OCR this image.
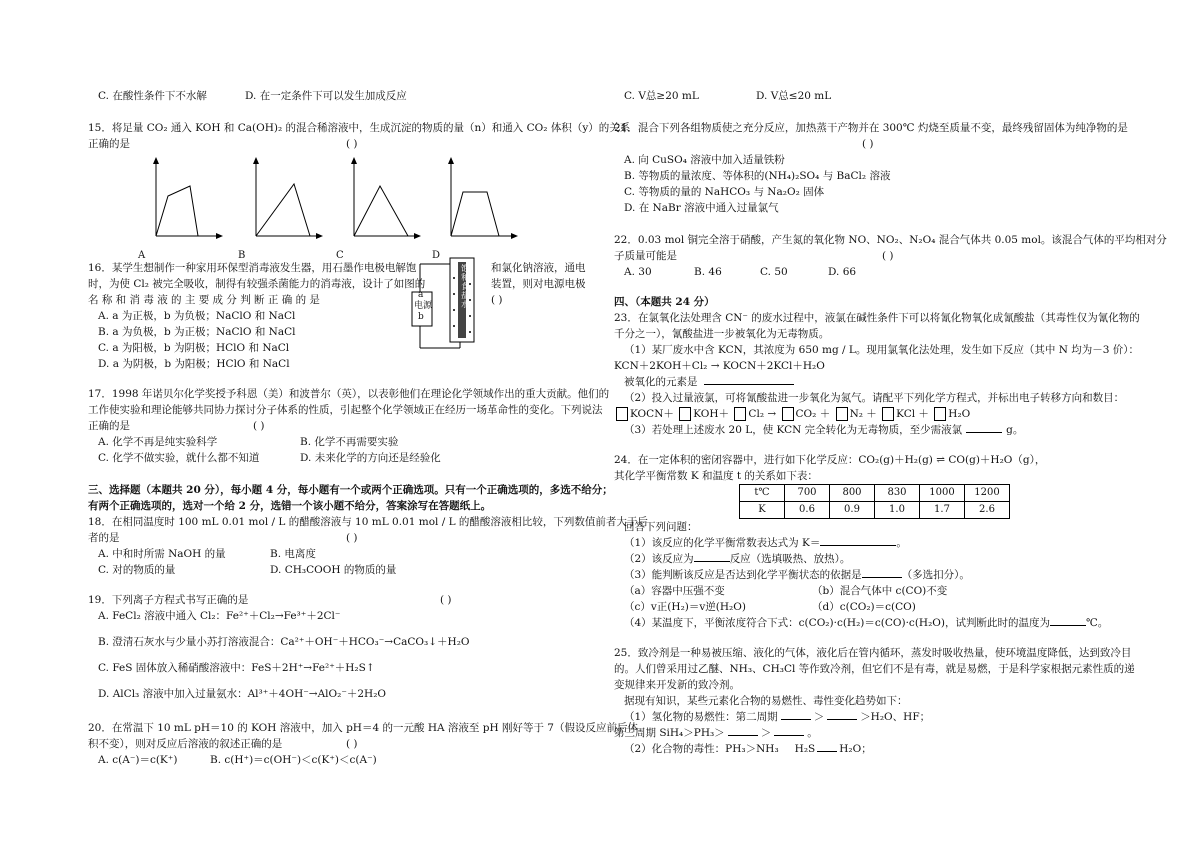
C. 在酸性条件下不水解	D. 在一定条件下可以发生加成反应
15．将足量 CO₂ 通入 KOH 和 Ca(OH)₂ 的混合稀溶液中，生成沉淀的物质的量（n）和通入 CO₂ 体积（y）的关系
正确的是	( )
A	B	C	D
16．某学生想制作一种家用环保型消毒液发生器，用石墨作电极电解饱	和氯化钠溶液，通电
时，为使 Cl₂ 被完全吸收，制得有较强杀菌能力的消毒液，设计了如图的	装置，则对电源电极
名 称 和 消 毒 液 的 主 要 成 分 判 断 正 确 的 是	( )
A. a 为正极，b 为负极；NaClO 和 NaCl
B. a 为负极，b 为正极；NaClO 和 NaCl
C. a 为阳极，b 为阴极；HClO 和 NaCl
D. a 为阴极，b 为阳极；HClO 和 NaCl
电源
a
b
饱和食盐水
17．1998 年诺贝尔化学奖授予科恩（美）和波普尔（英），以表彰他们在理论化学领域作出的重大贡献。他们的
工作使实验和理论能够共同协力探讨分子体系的性质，引起整个化学领域正在经历一场革命性的变化。下列说法
正确的是	( )
A. 化学不再是纯实验科学	B. 化学不再需要实验
C. 化学不做实验，就什么都不知道	D. 未来化学的方向还是经验化
三、选择题（本题共 20 分），每小题 4 分，每小题有一个或两个正确选项。只有一个正确选项的，多选不给分；
有两个正确选项的，选对一个给 2 分，选错一个该小题不给分，答案涂写在答题纸上。
18．在相同温度时 100 mL 0.01 mol / L 的醋酸溶液与 10 mL 0.01 mol / L 的醋酸溶液相比较，下列数值前者大于后
者的是	( )
A. 中和时所需 NaOH 的量	B. 电离度
C. 对的物质的量	D. CH₃COOH 的物质的量
19．下列离子方程式书写正确的是	( )
A. FeCl₂ 溶液中通入 Cl₂：Fe²⁺＋Cl₂→Fe³⁺＋2Cl⁻
B. 澄清石灰水与少量小苏打溶液混合：Ca²⁺＋OH⁻＋HCO₃⁻→CaCO₃↓＋H₂O
C. FeS 固体放入稀硝酸溶液中：FeS＋2H⁺→Fe²⁺＋H₂S↑
D. AlCl₃ 溶液中加入过量氨水：Al³⁺＋4OH⁻→AlO₂⁻＋2H₂O
20．在常温下 10 mL pH＝10 的 KOH 溶液中，加入 pH＝4 的一元酸 HA 溶液至 pH 刚好等于 7（假设反应前后体
积不变），则对反应后溶液的叙述正确的是	( )
A. c(A⁻)＝c(K⁺)	B. c(H⁺)＝c(OH⁻)＜c(K⁺)＜c(A⁻)
C. V总≥20 mL	D. V总≤20 mL
21．混合下列各组物质使之充分反应，加热蒸干产物并在 300℃ 灼烧至质量不变，最终残留固体为纯净物的是
( )
A. 向 CuSO₄ 溶液中加入适量铁粉
B. 等物质的量浓度、等体积的(NH₄)₂SO₄ 与 BaCl₂ 溶液
C. 等物质的量的 NaHCO₃ 与 Na₂O₂ 固体
D. 在 NaBr 溶液中通入过量氯气
22．0.03 mol 铜完全溶于硝酸，产生氮的氧化物 NO、NO₂、N₂O₄ 混合气体共 0.05 mol。该混合气体的平均相对分
子质量可能是	( )
A. 30	B. 46	C. 50	D. 66
四、（本题共 24 分）
23．在氯氧化法处理含 CN⁻ 的废水过程中，液氯在碱性条件下可以将氰化物氧化成氰酸盐（其毒性仅为氰化物的
千分之一），氰酸盐进一步被氧化为无毒物质。
（1）某厂废水中含 KCN，其浓度为 650 mg / L。现用氯氧化法处理，发生如下反应（其中 N 均为－3 价）：
KCN＋2KOH＋Cl₂ → KOCN＋2KCl＋H₂O
被氧化的元素是
（2）投入过量液氯，可将氰酸盐进一步氧化为氮气。请配平下列化学方程式，并标出电子转移方向和数目：
KOCN＋ KOH＋ Cl₂ → CO₂ ＋ N₂ ＋ KCl ＋ H₂O
（3）若处理上述废水 20 L，使 KCN 完全转化为无毒物质，至少需液氯	g。
24．在一定体积的密闭容器中，进行如下化学反应：CO₂(g)＋H₂(g) ⇌ CO(g)＋H₂O（g），
其化学平衡常数 K 和温度 t 的关系如下表：
t℃	700	800	830	1000	1200
K	0.6	0.9	1.0	1.7	2.6
回答下列问题：
（1）该反应的化学平衡常数表达式为 K＝	。
（2）该反应为	反应（选填吸热、放热）。
（3）能判断该反应是否达到化学平衡状态的依据是	（多选扣分）。
（a）容器中压强不变	（b）混合气体中 c(CO)不变
（c）v正(H₂)＝v逆(H₂O)	（d）c(CO₂)＝c(CO)
（4）某温度下，平衡浓度符合下式：c(CO₂)·c(H₂)＝c(CO)·c(H₂O)，试判断此时的温度为	℃。
25．致冷剂是一种易被压缩、液化的气体，液化后在管内循环，蒸发时吸收热量，使环境温度降低，达到致冷目
的。人们曾采用过乙醚、NH₃、CH₃Cl 等作致冷剂，但它们不是有毒，就是易燃，于是科学家根据元素性质的递
变规律来开发新的致冷剂。
据现有知识，某些元素化合物的易燃性、毒性变化趋势如下：
（1）氢化物的易燃性：第二周期	＞	＞H₂O、HF；
第三周期 SiH₄＞PH₃＞	＞	。
（2）化合物的毒性：PH₃＞NH₃ H₂S H₂O；
